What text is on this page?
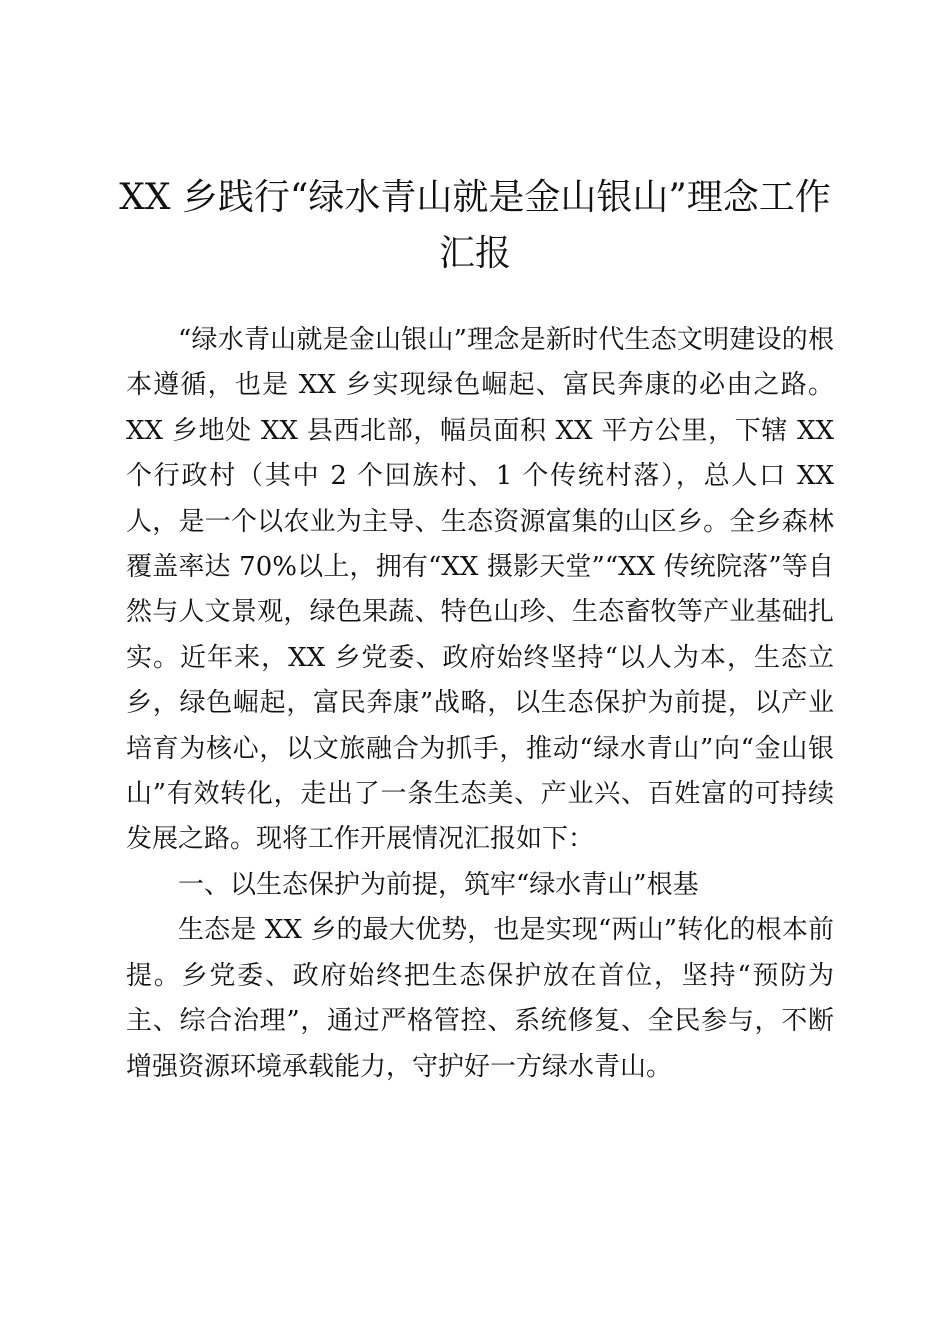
XX 乡践行“绿水青山就是金山银山”理念工作汇报

“绿水青山就是金山银山”理念是新时代生态文明建设的根本遵循，也是 XX 乡实现绿色崛起、富民奔康的必由之路。XX 乡地处 XX 县西北部，幅员面积 XX 平方公里，下辖 XX 个行政村（其中 2 个回族村、1 个传统村落），总人口 XX 人，是一个以农业为主导、生态资源富集的山区乡。全乡森林覆盖率达 70%以上，拥有“XX 摄影天堂”“XX 传统院落”等自然与人文景观，绿色果蔬、特色山珍、生态畜牧等产业基础扎实。近年来，XX 乡党委、政府始终坚持“以人为本，生态立乡，绿色崛起，富民奔康”战略，以生态保护为前提，以产业培育为核心，以文旅融合为抓手，推动“绿水青山”向“金山银山”有效转化，走出了一条生态美、产业兴、百姓富的可持续发展之路。现将工作开展情况汇报如下：

一、以生态保护为前提，筑牢“绿水青山”根基

生态是 XX 乡的最大优势，也是实现“两山”转化的根本前提。乡党委、政府始终把生态保护放在首位，坚持“预防为主、综合治理”，通过严格管控、系统修复、全民参与，不断增强资源环境承载能力，守护好一方绿水青山。
